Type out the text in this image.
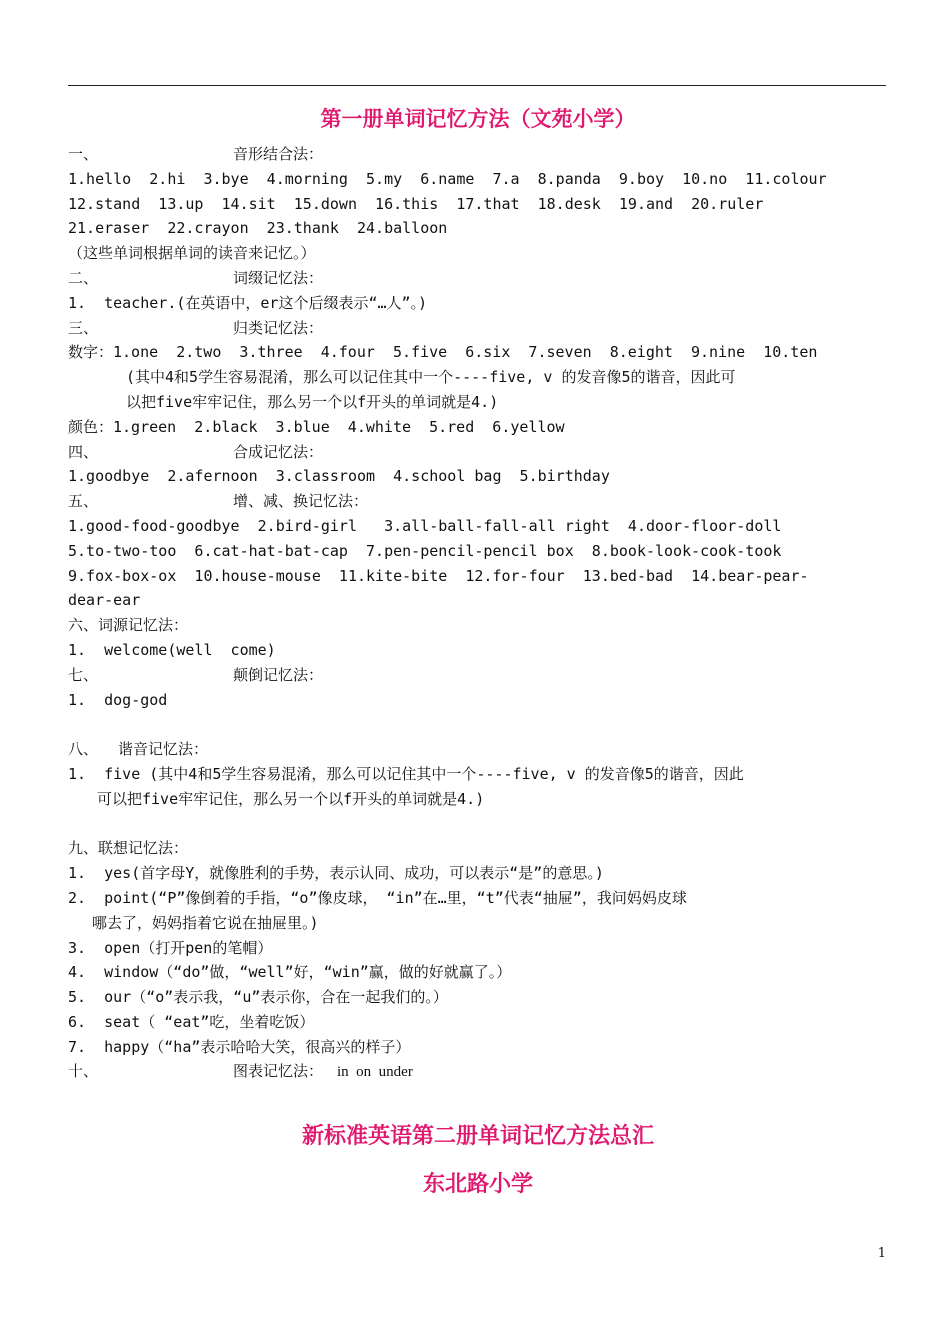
第一册单词记忆方法（文苑小学）
一、	音形结合法：
1.hello  2.hi  3.bye  4.morning  5.my  6.name  7.a  8.panda  9.boy  10.no  11.colour
12.stand  13.up  14.sit  15.down  16.this  17.that  18.desk  19.and  20.ruler
21.eraser  22.crayon  23.thank  24.balloon
（这些单词根据单词的读音来记忆。）
二、	词缀记忆法：
1.  teacher.(在英语中，er这个后缀表示“…人”。)
三、	归类记忆法：
数字：1.one  2.two  3.three  4.four  5.five  6.six  7.seven  8.eight  9.nine  10.ten
(其中4和5学生容易混淆，那么可以记住其中一个----five, v 的发音像5的谐音，因此可
以把five牢牢记住，那么另一个以f开头的单词就是4.)
颜色：1.green  2.black  3.blue  4.white  5.red  6.yellow
四、	合成记忆法：
1.goodbye  2.afernoon  3.classroom  4.school bag  5.birthday
五、	增、减、换记忆法：
1.good-food-goodbye  2.bird-girl   3.all-ball-fall-all right  4.door-floor-doll
5.to-two-too  6.cat-hat-bat-cap  7.pen-pencil-pencil box  8.book-look-cook-took
9.fox-box-ox  10.house-mouse  11.kite-bite  12.for-four  13.bed-bad  14.bear-pear-
dear-ear
六、词源记忆法：
1.  welcome(well  come)
七、	颠倒记忆法：
1.  dog-god
八、 谐音记忆法：
1.  five (其中4和5学生容易混淆，那么可以记住其中一个----five, v 的发音像5的谐音，因此
可以把five牢牢记住，那么另一个以f开头的单词就是4.)
九、联想记忆法：
1.  yes(首字母Y，就像胜利的手势，表示认同、成功，可以表示“是”的意思。)
2.  point(“P”像倒着的手指，“o”像皮球， “in”在…里，“t”代表“抽屉”，我问妈妈皮球
哪去了，妈妈指着它说在抽屉里。)
3.  open（打开pen的笔帽）
4.  window（“do”做，“well”好，“win”赢，做的好就赢了。）
5.  our（“o”表示我，“u”表示你，合在一起我们的。）
6.  seat（ “eat”吃，坐着吃饭）
7.  happy（“ha”表示哈哈大笑，很高兴的样子）
十、	图表记忆法： in  on  under
新标准英语第二册单词记忆方法总汇
东北路小学
1
